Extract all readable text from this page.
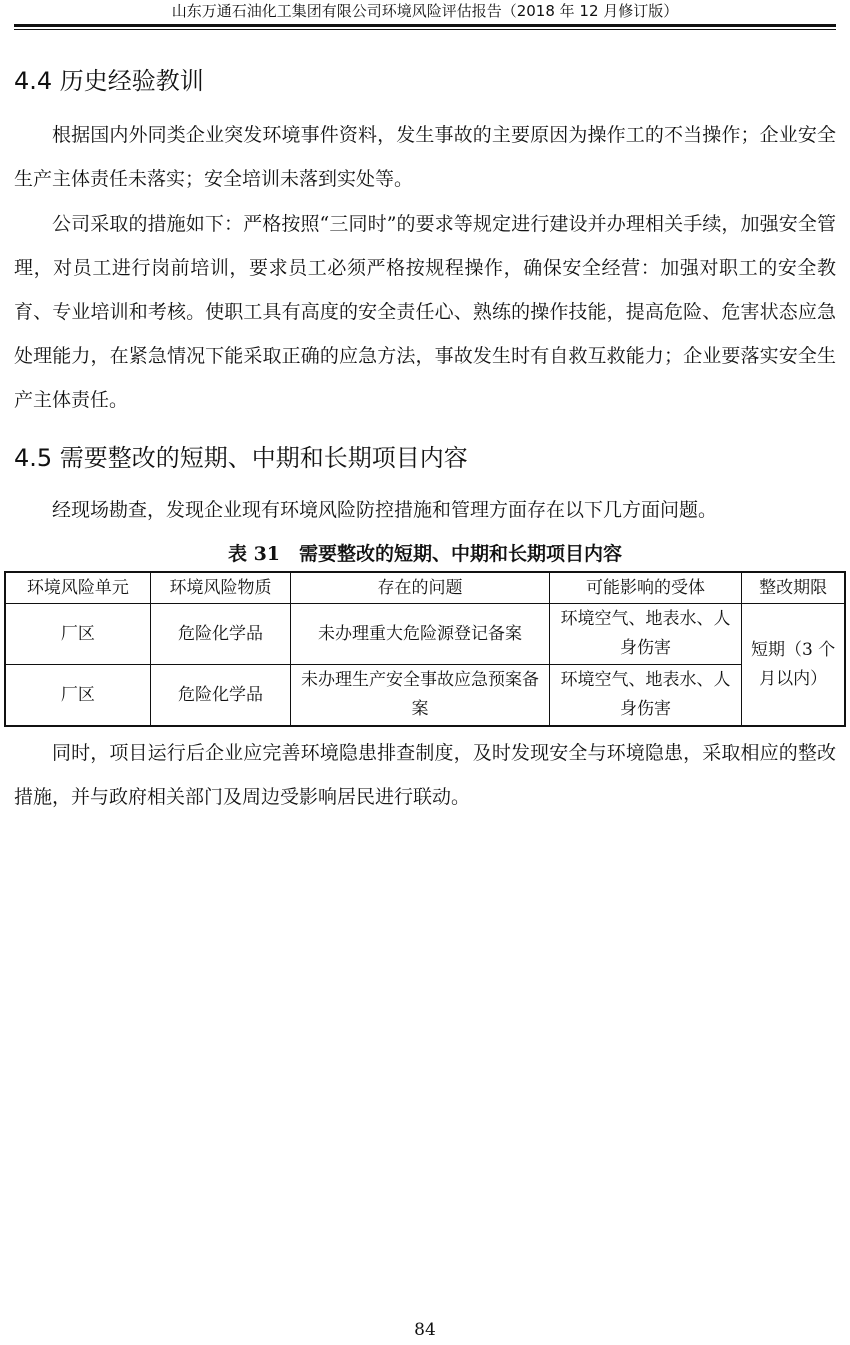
山东万通石油化工集团有限公司环境风险评估报告（2018 年 12 月修订版）
4.4 历史经验教训

根据国内外同类企业突发环境事件资料，发生事故的主要原因为操作工的不当操作；企业安全生产主体责任未落实；安全培训未落到实处等。

公司采取的措施如下：严格按照“三同时”的要求等规定进行建设并办理相关手续，加强安全管理，对员工进行岗前培训，要求员工必须严格按规程操作，确保安全经营：加强对职工的安全教育、专业培训和考核。使职工具有高度的安全责任心、熟练的操作技能，提高危险、危害状态应急处理能力，在紧急情况下能采取正确的应急方法，事故发生时有自救互救能力；企业要落实安全生产主体责任。

4.5 需要整改的短期、中期和长期项目内容

经现场勘查，发现企业现有环境风险防控措施和管理方面存在以下几方面问题。

表 31　需要整改的短期、中期和长期项目内容
环境风险单元	环境风险物质	存在的问题	可能影响的受体	整改期限
厂区	危险化学品	未办理重大危险源登记备案	环境空气、地表水、人身伤害	短期（3 个月以内）
厂区	危险化学品	未办理生产安全事故应急预案备案	环境空气、地表水、人身伤害	

同时，项目运行后企业应完善环境隐患排查制度，及时发现安全与环境隐患，采取相应的整改措施，并与政府相关部门及周边受影响居民进行联动。

84
